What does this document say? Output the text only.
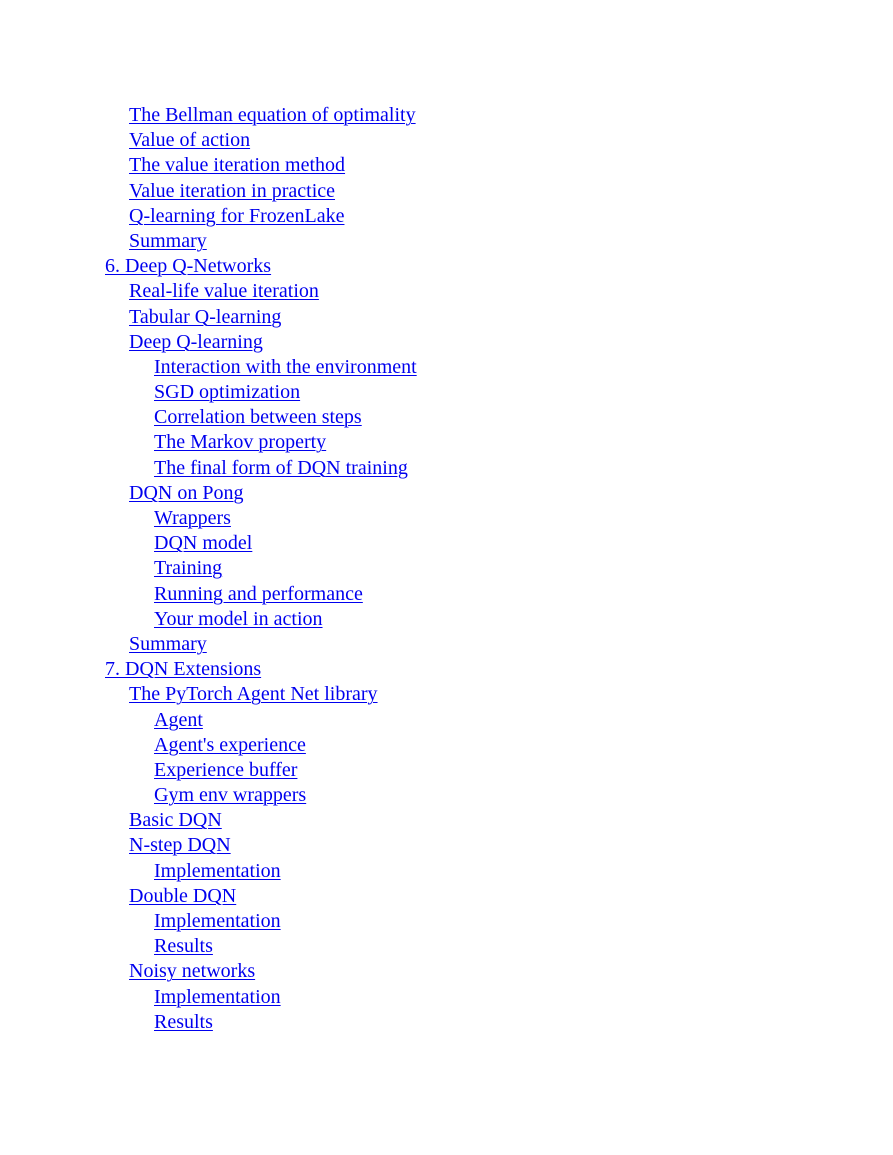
The Bellman equation of optimality
Value of action
The value iteration method
Value iteration in practice
Q-learning for FrozenLake
Summary
6. Deep Q-Networks
Real-life value iteration
Tabular Q-learning
Deep Q-learning
Interaction with the environment
SGD optimization
Correlation between steps
The Markov property
The final form of DQN training
DQN on Pong
Wrappers
DQN model
Training
Running and performance
Your model in action
Summary
7. DQN Extensions
The PyTorch Agent Net library
Agent
Agent's experience
Experience buffer
Gym env wrappers
Basic DQN
N-step DQN
Implementation
Double DQN
Implementation
Results
Noisy networks
Implementation
Results
